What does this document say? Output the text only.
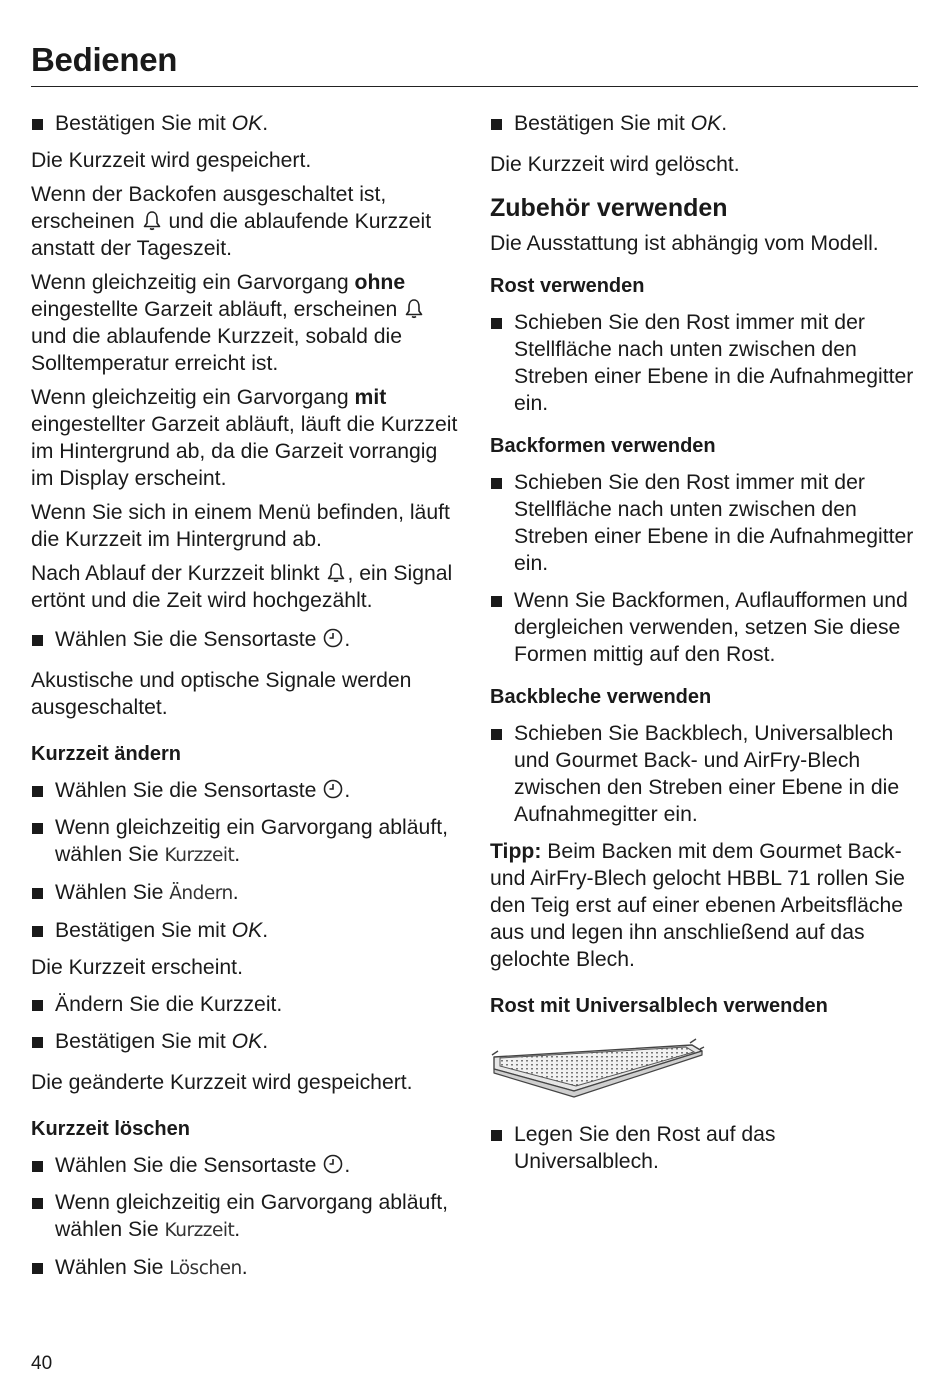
Bedienen
Bestätigen Sie mit OK.

Die Kurzzeit wird gespeichert.

Wenn der Backofen ausgeschaltet ist, erscheinen und die ablaufende Kurzzeit anstatt der Tageszeit.

Wenn gleichzeitig ein Garvorgang ohne eingestellte Garzeit abläuft, erscheinen  und die ablaufende Kurzzeit, sobald die Solltemperatur erreicht ist.

Wenn gleichzeitig ein Garvorgang mit eingestellter Garzeit abläuft, läuft die Kurzzeit im Hintergrund ab, da die Garzeit vorrangig im Display erscheint.

Wenn Sie sich in einem Menü befinden, läuft die Kurzzeit im Hintergrund ab.

Nach Ablauf der Kurzzeit blinkt , ein Signal ertönt und die Zeit wird hochgezählt.

Wählen Sie die Sensortaste .

Akustische und optische Signale werden ausgeschaltet.

Kurzzeit ändern
Wählen Sie die Sensortaste .
Wenn gleichzeitig ein Garvorgang abläuft, wählen Sie Kurzzeit.
Wählen Sie Ändern.
Bestätigen Sie mit OK.

Die Kurzzeit erscheint.

Ändern Sie die Kurzzeit.
Bestätigen Sie mit OK.

Die geänderte Kurzzeit wird gespeichert.

Kurzzeit löschen
Wählen Sie die Sensortaste .
Wenn gleichzeitig ein Garvorgang abläuft, wählen Sie Kurzzeit.
Wählen Sie Löschen.
Bestätigen Sie mit OK.

Die Kurzzeit wird gelöscht.

Zubehör verwenden

Die Ausstattung ist abhängig vom Modell.

Rost verwenden
Schieben Sie den Rost immer mit der Stellfläche nach unten zwischen den Streben einer Ebene in die Aufnahmegitter ein.
Backformen verwenden
Schieben Sie den Rost immer mit der Stellfläche nach unten zwischen den Streben einer Ebene in die Aufnahmegitter ein.
Wenn Sie Backformen, Auflaufformen und dergleichen verwenden, setzen Sie diese Formen mittig auf den Rost.
Backbleche verwenden
Schieben Sie Backblech, Universalblech und Gourmet Back- und AirFry-Blech zwischen den Streben einer Ebene in die Aufnahmegitter ein.

Tipp: Beim Backen mit dem Gourmet Back- und AirFry-Blech gelocht HBBL 71 rollen Sie den Teig erst auf einer ebenen Arbeitsfläche aus und legen ihn anschließend auf das gelochte Blech.

Rost mit Universalblech verwenden
Legen Sie den Rost auf das Universalblech.
40
